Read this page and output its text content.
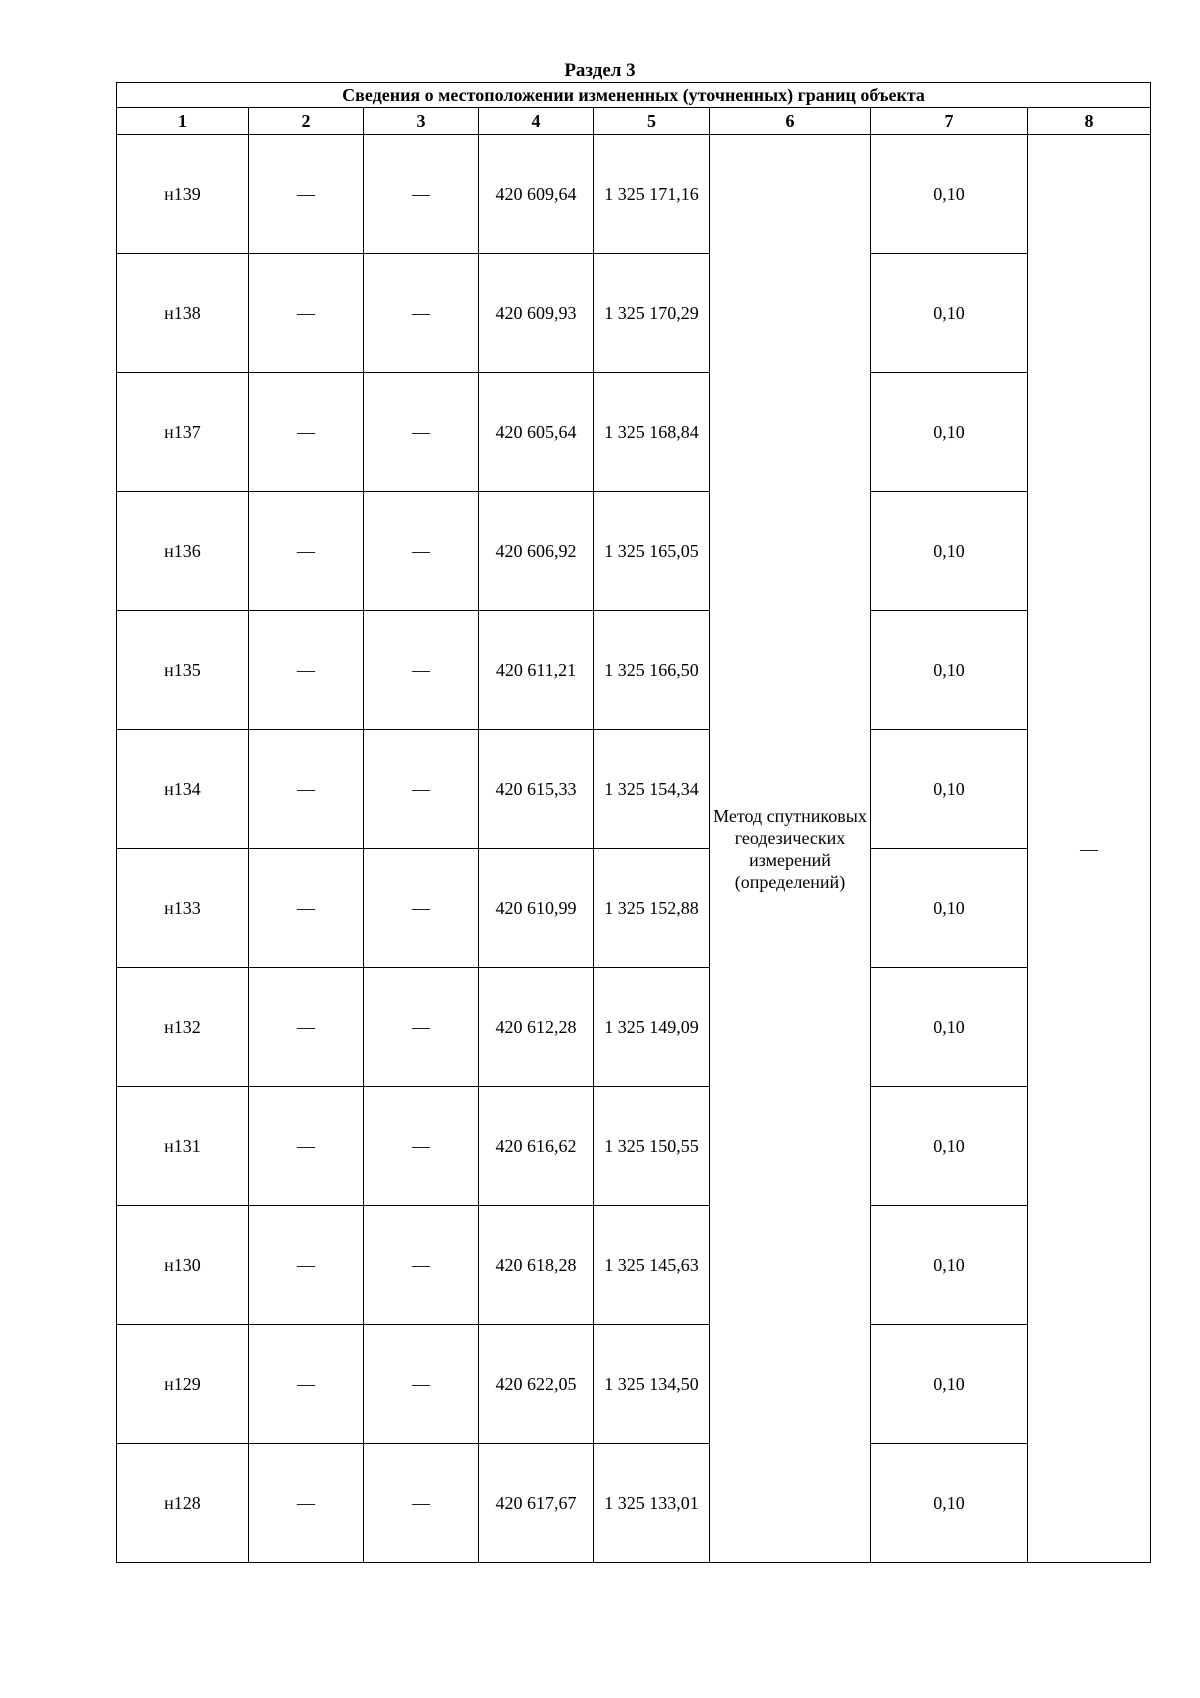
Раздел 3
Сведения о местоположении измененных (уточненных) границ объекта							
1	2	3	4	5	6	7	8
н139	—	—	420 609,64	1 325 171,16	Метод спутниковых геодезических измерений (определений)	0,10	—
н138	—	—	420 609,93	1 325 170,29		0,10	
н137	—	—	420 605,64	1 325 168,84		0,10	
н136	—	—	420 606,92	1 325 165,05		0,10	
н135	—	—	420 611,21	1 325 166,50		0,10	
н134	—	—	420 615,33	1 325 154,34		0,10	
н133	—	—	420 610,99	1 325 152,88		0,10	
н132	—	—	420 612,28	1 325 149,09		0,10	
н131	—	—	420 616,62	1 325 150,55		0,10	
н130	—	—	420 618,28	1 325 145,63		0,10	
н129	—	—	420 622,05	1 325 134,50		0,10	
н128	—	—	420 617,67	1 325 133,01		0,10	
